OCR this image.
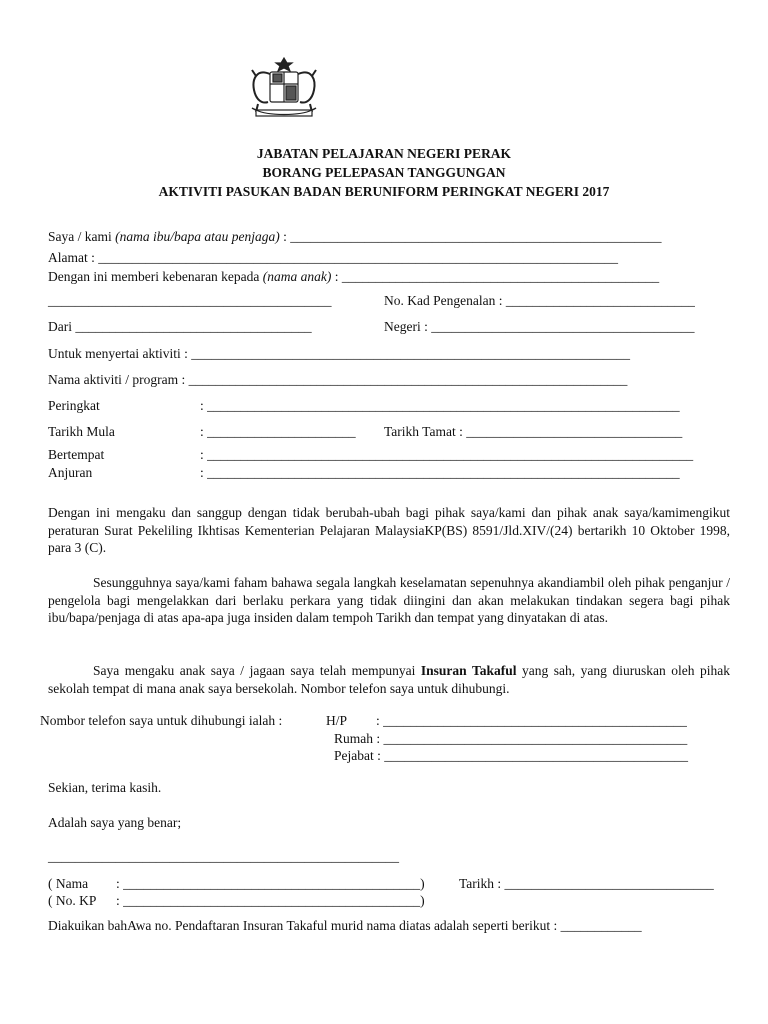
JABATAN PELAJARAN NEGERI PERAK
BORANG PELEPASAN TANGGUNGAN
AKTIVITI PASUKAN BADAN BERUNIFORM PERINGKAT NEGERI 2017
Saya / kami (nama ibu/bapa atau penjaga) : _______________________________________________________
Alamat : _____________________________________________________________________________
Dengan ini memberi kebenaran kepada (nama anak) : _______________________________________________
__________________________________________	No. Kad Pengenalan : ____________________________
Dari ___________________________________	Negeri : _______________________________________
Untuk menyertai aktiviti : _________________________________________________________________
Nama aktiviti / program : _________________________________________________________________
Peringkat	: ______________________________________________________________________
Tarikh Mula	: ______________________ Tarikh Tamat : ________________________________
Bertempat	: ________________________________________________________________________
Anjuran	: ______________________________________________________________________
Dengan ini mengaku dan sanggup dengan tidak berubah-ubah bagi pihak saya/kami dan pihak anak saya/kamimengikut peraturan Surat Pekeliling Ikhtisas Kementerian Pelajaran MalaysiaKP(BS) 8591/Jld.XIV/(24) bertarikh 10 Oktober 1998, para 3 (C).
Sesungguhnya saya/kami faham bahawa segala langkah keselamatan sepenuhnya akandiambil oleh pihak penganjur / pengelola bagi mengelakkan dari berlaku perkara yang tidak diingini dan akan melakukan tindakan segera bagi pihak ibu/bapa/penjaga di atas apa-apa juga insiden dalam tempoh Tarikh dan tempat yang dinyatakan di atas.
Saya mengaku anak saya / jagaan saya telah mempunyai Insuran Takaful yang sah, yang diuruskan oleh pihak sekolah tempat di mana anak saya bersekolah. Nombor telefon saya untuk dihubungi.
Nombor telefon saya untuk dihubungi ialah :	H/P : _____________________________________________
Rumah : _____________________________________________
Pejabat : _____________________________________________
Sekian, terima kasih.
Adalah saya yang benar;
____________________________________________________
( Nama : ____________________________________________)	Tarikh : _______________________________
( No. KP : ____________________________________________)
Diakuikan bahAwa no. Pendaftaran Insuran Takaful murid nama diatas adalah seperti berikut : ____________
